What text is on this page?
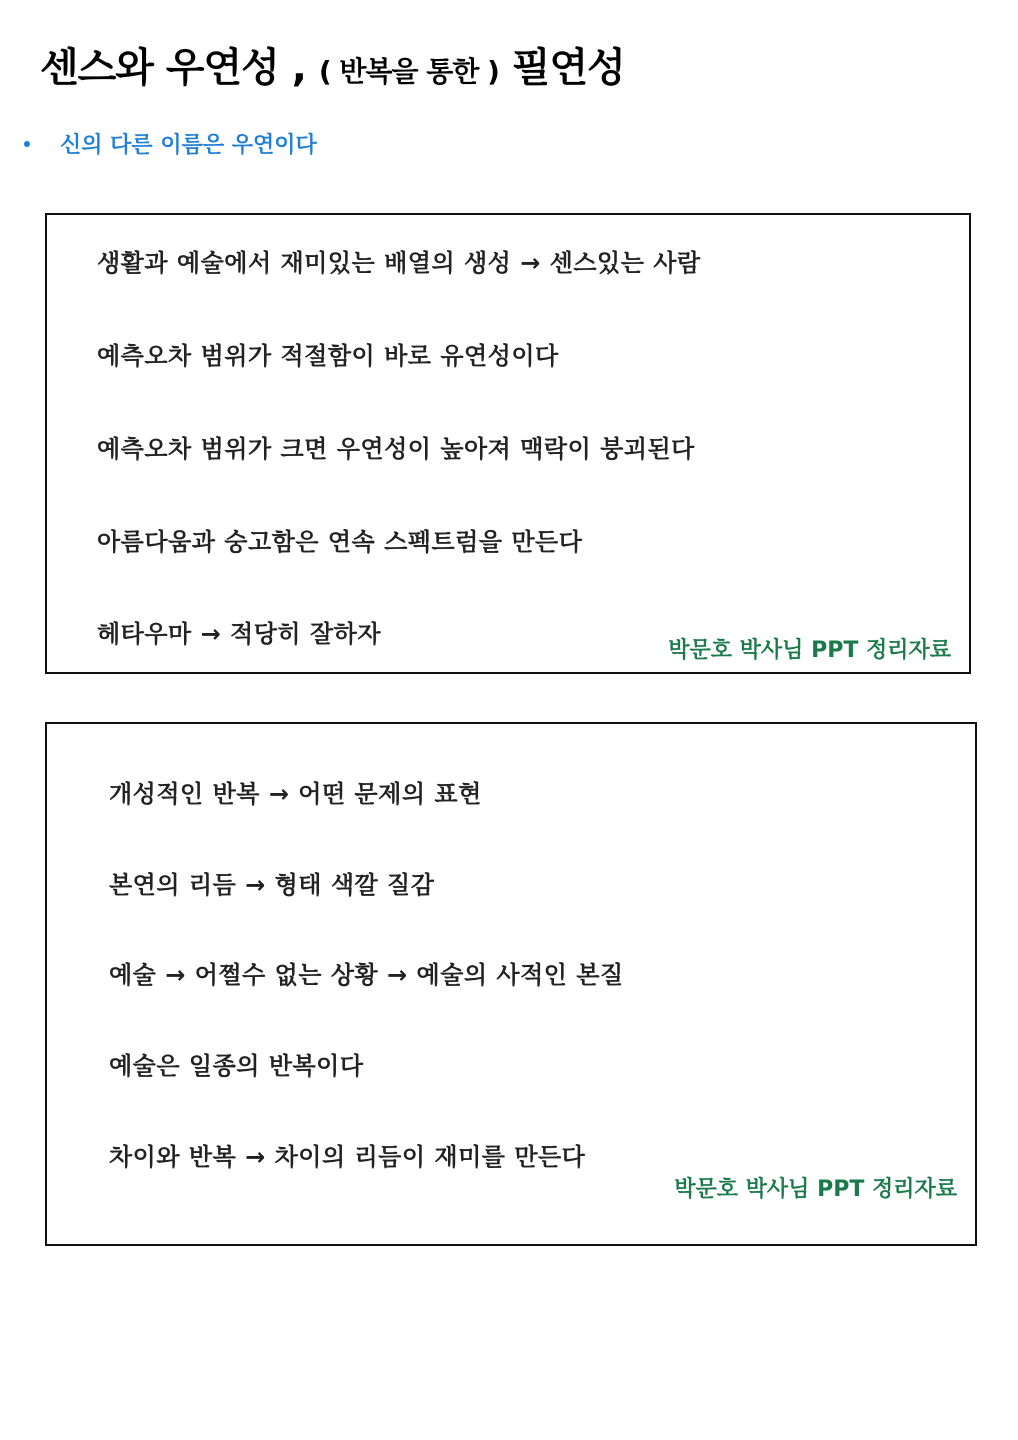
센스와 우연성 , ( 반복을 통한 ) 필연성
신의 다른 이름은 우연이다
생활과 예술에서 재미있는 배열의 생성 → 센스있는 사람
예측오차 범위가 적절함이 바로 유연성이다
예측오차 범위가 크면 우연성이 높아져 맥락이 붕괴된다
아름다움과 숭고함은 연속 스펙트럼을 만든다
헤타우마 → 적당히 잘하자
박문호 박사님 PPT 정리자료
개성적인 반복 → 어떤 문제의 표현
본연의 리듬 → 형태 색깔 질감
예술 → 어쩔수 없는 상황 → 예술의 사적인 본질
예술은 일종의 반복이다
차이와 반복 → 차이의 리듬이 재미를 만든다
박문호 박사님 PPT 정리자료
